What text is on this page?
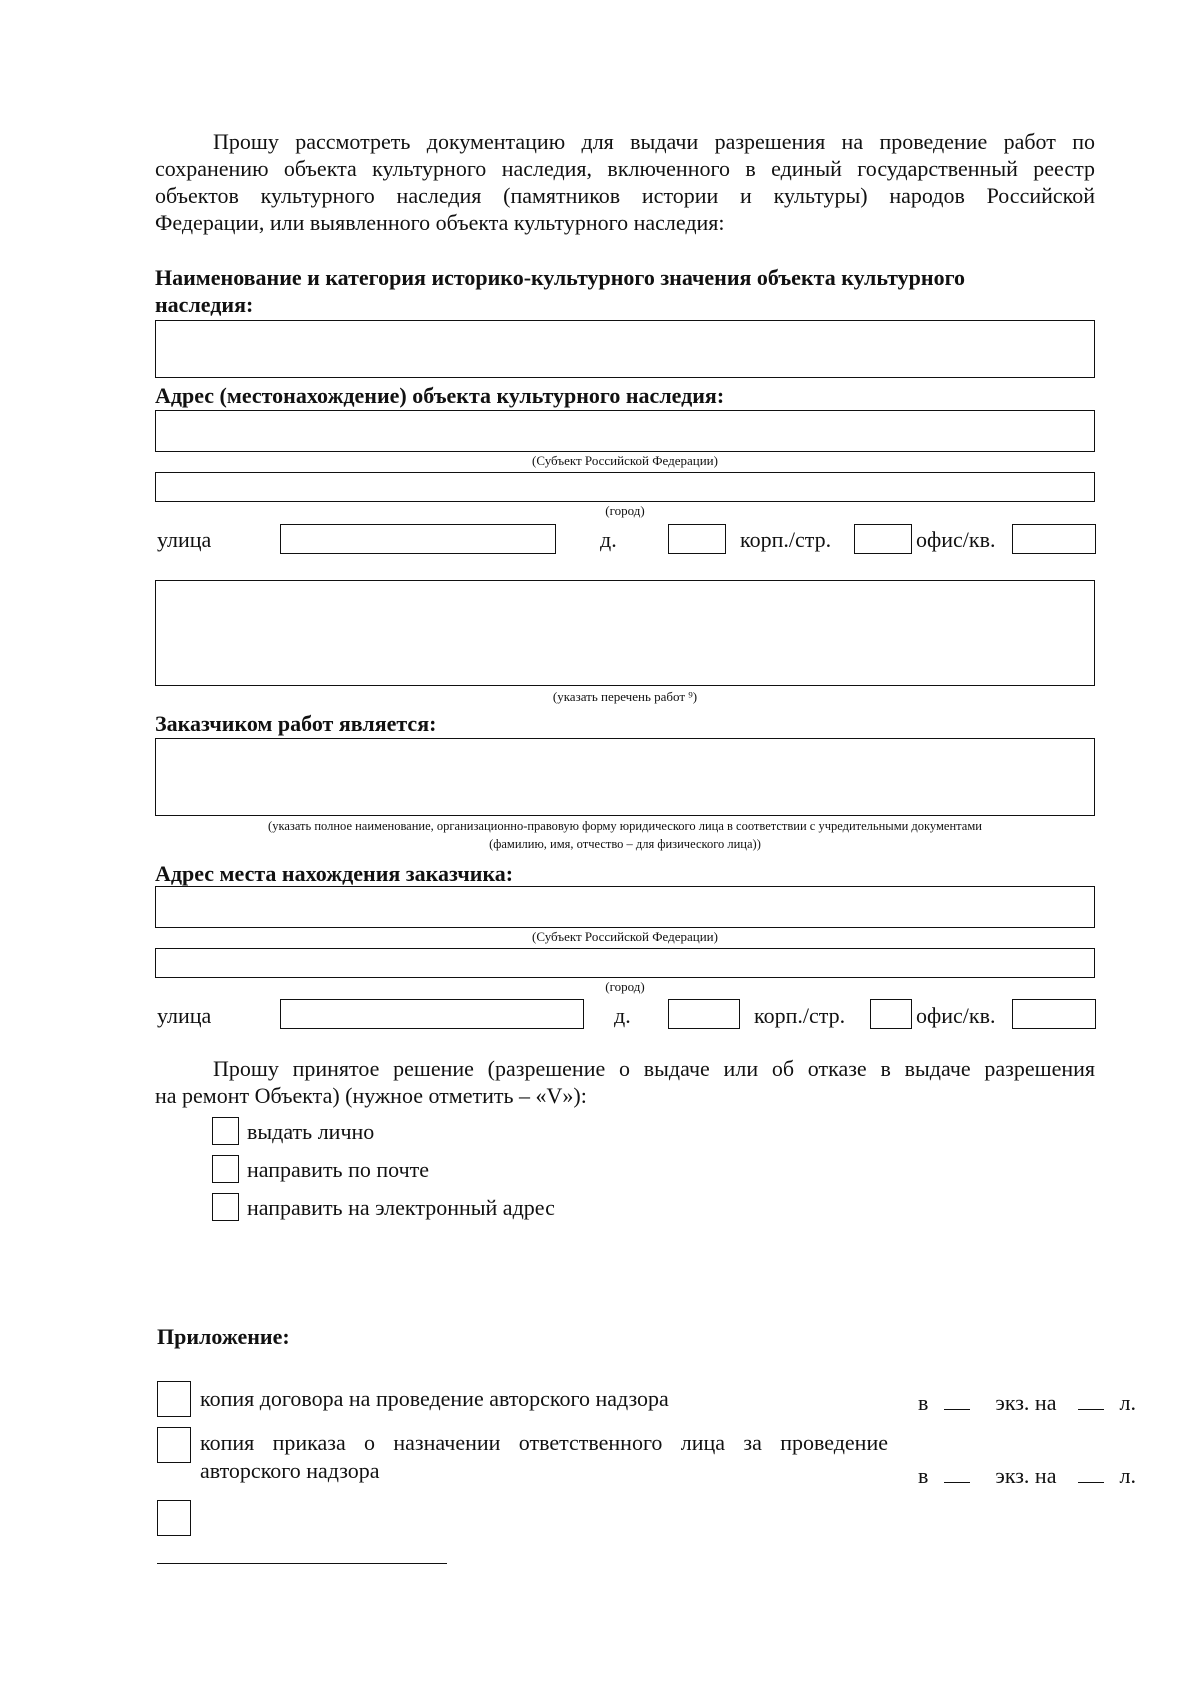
Прошу рассмотреть документацию для выдачи разрешения на проведение работ по
сохранению объекта культурного наследия, включенного в единый государственный реестр
объектов культурного наследия (памятников истории и культуры) народов Российской
Федерации, или выявленного объекта культурного наследия:
Наименование и категория историко-культурного значения объекта культурного
наследия:
Адрес (местонахождение) объекта культурного наследия:
(Субъект Российской Федерации)
(город)
улица	д.	корп./стр.	офис/кв.
(указать перечень работ ⁹)
Заказчиком работ является:
(указать полное наименование, организационно-правовую форму юридического лица в соответствии с учредительными документами
(фамилию, имя, отчество – для физического лица))
Адрес места нахождения заказчика:
(Субъект Российской Федерации)
(город)
улица	д.	корп./стр.	офис/кв.
Прошу принятое решение (разрешение о выдаче или об отказе в выдаче разрешения
на ремонт Объекта) (нужное отметить – «V»):
выдать лично
направить по почте
направить на электронный адрес
Приложение:
копия договора на проведение авторского надзора	в	экз. на	л.
копия приказа о назначении ответственного лица за проведение
авторского надзора	в	экз. на	л.
